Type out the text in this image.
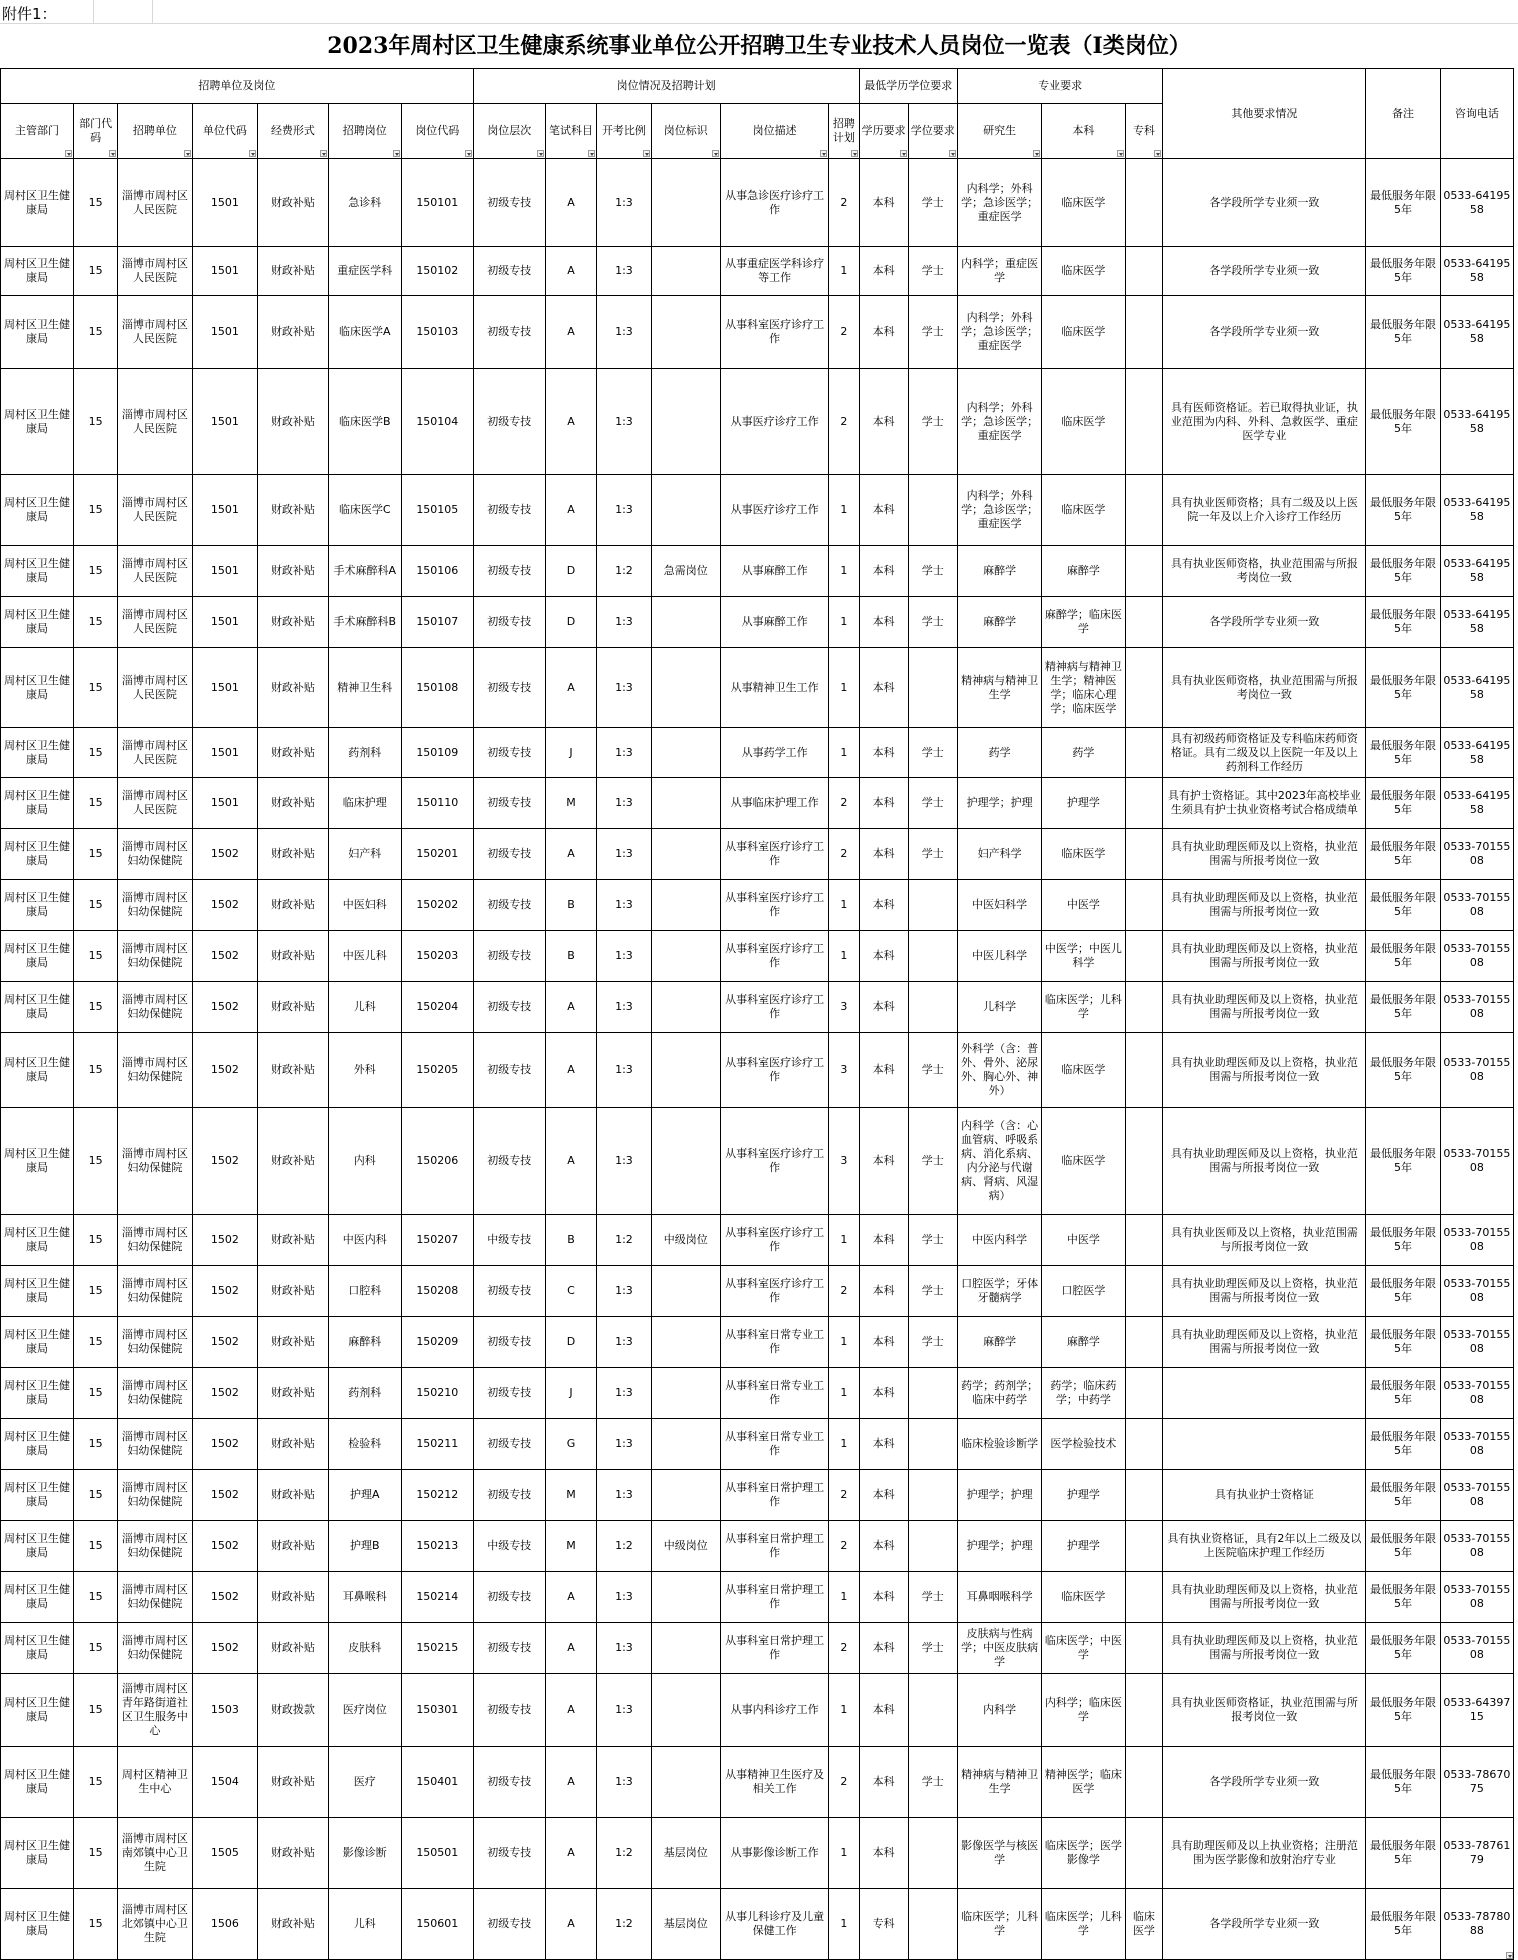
附件1：
2023年周村区卫生健康系统事业单位公开招聘卫生专业技术人员岗位一览表（Ⅰ类岗位）
招聘单位及岗位							岗位情况及招聘计划						最低学历学位要求		专业要求			其他要求情况	备注	咨询电话

主管部门	部门代码	招聘单位	单位代码	经费形式	招聘岗位	岗位代码	岗位层次	笔试科目	开考比例	岗位标识	岗位描述	招聘计划	学历要求	学位要求	研究生	本科	专科			

周村区卫生健康局	15	淄博市周村区人民医院	1501	财政补贴	急诊科	150101	初级专技	A	1:3		从事急诊医疗诊疗工作	2	本科	学士	内科学；外科学；急诊医学；重症医学	临床医学		各学段所学专业须一致	最低服务年限5年	0533-6419558
周村区卫生健康局	15	淄博市周村区人民医院	1501	财政补贴	重症医学科	150102	初级专技	A	1:3		从事重症医学科诊疗等工作	1	本科	学士	内科学；重症医学	临床医学		各学段所学专业须一致	最低服务年限5年	0533-6419558
周村区卫生健康局	15	淄博市周村区人民医院	1501	财政补贴	临床医学A	150103	初级专技	A	1:3		从事科室医疗诊疗工作	2	本科	学士	内科学；外科学；急诊医学；重症医学	临床医学		各学段所学专业须一致	最低服务年限5年	0533-6419558
周村区卫生健康局	15	淄博市周村区人民医院	1501	财政补贴	临床医学B	150104	初级专技	A	1:3		从事医疗诊疗工作	2	本科	学士	内科学；外科学；急诊医学；重症医学	临床医学		具有医师资格证。若已取得执业证，执业范围为内科、外科、急救医学、重症医学专业	最低服务年限5年	0533-6419558
周村区卫生健康局	15	淄博市周村区人民医院	1501	财政补贴	临床医学C	150105	初级专技	A	1:3		从事医疗诊疗工作	1	本科		内科学；外科学；急诊医学；重症医学	临床医学		具有执业医师资格；具有二级及以上医院一年及以上介入诊疗工作经历	最低服务年限5年	0533-6419558
周村区卫生健康局	15	淄博市周村区人民医院	1501	财政补贴	手术麻醉科A	150106	初级专技	D	1:2	急需岗位	从事麻醉工作	1	本科	学士	麻醉学	麻醉学		具有执业医师资格，执业范围需与所报考岗位一致	最低服务年限5年	0533-6419558
周村区卫生健康局	15	淄博市周村区人民医院	1501	财政补贴	手术麻醉科B	150107	初级专技	D	1:3		从事麻醉工作	1	本科	学士	麻醉学	麻醉学；临床医学		各学段所学专业须一致	最低服务年限5年	0533-6419558
周村区卫生健康局	15	淄博市周村区人民医院	1501	财政补贴	精神卫生科	150108	初级专技	A	1:3		从事精神卫生工作	1	本科		精神病与精神卫生学	精神病与精神卫生学；精神医学；临床心理学；临床医学		具有执业医师资格，执业范围需与所报考岗位一致	最低服务年限5年	0533-6419558
周村区卫生健康局	15	淄博市周村区人民医院	1501	财政补贴	药剂科	150109	初级专技	J	1:3		从事药学工作	1	本科	学士	药学	药学		具有初级药师资格证及专科临床药师资格证。具有二级及以上医院一年及以上药剂科工作经历	最低服务年限5年	0533-6419558
周村区卫生健康局	15	淄博市周村区人民医院	1501	财政补贴	临床护理	150110	初级专技	M	1:3		从事临床护理工作	2	本科	学士	护理学；护理	护理学		具有护士资格证。其中2023年高校毕业生须具有护士执业资格考试合格成绩单	最低服务年限5年	0533-6419558
周村区卫生健康局	15	淄博市周村区妇幼保健院	1502	财政补贴	妇产科	150201	初级专技	A	1:3		从事科室医疗诊疗工作	2	本科	学士	妇产科学	临床医学		具有执业助理医师及以上资格，执业范围需与所报考岗位一致	最低服务年限5年	0533-7015508
周村区卫生健康局	15	淄博市周村区妇幼保健院	1502	财政补贴	中医妇科	150202	初级专技	B	1:3		从事科室医疗诊疗工作	1	本科		中医妇科学	中医学		具有执业助理医师及以上资格，执业范围需与所报考岗位一致	最低服务年限5年	0533-7015508
周村区卫生健康局	15	淄博市周村区妇幼保健院	1502	财政补贴	中医儿科	150203	初级专技	B	1:3		从事科室医疗诊疗工作	1	本科		中医儿科学	中医学；中医儿科学		具有执业助理医师及以上资格，执业范围需与所报考岗位一致	最低服务年限5年	0533-7015508
周村区卫生健康局	15	淄博市周村区妇幼保健院	1502	财政补贴	儿科	150204	初级专技	A	1:3		从事科室医疗诊疗工作	3	本科		儿科学	临床医学；儿科学		具有执业助理医师及以上资格，执业范围需与所报考岗位一致	最低服务年限5年	0533-7015508
周村区卫生健康局	15	淄博市周村区妇幼保健院	1502	财政补贴	外科	150205	初级专技	A	1:3		从事科室医疗诊疗工作	3	本科	学士	外科学（含：普外、骨外、泌尿外、胸心外、神外）	临床医学		具有执业助理医师及以上资格，执业范围需与所报考岗位一致	最低服务年限5年	0533-7015508
周村区卫生健康局	15	淄博市周村区妇幼保健院	1502	财政补贴	内科	150206	初级专技	A	1:3		从事科室医疗诊疗工作	3	本科	学士	内科学（含：心血管病、呼吸系病、消化系病、内分泌与代谢病、肾病、风湿病）	临床医学		具有执业助理医师及以上资格，执业范围需与所报考岗位一致	最低服务年限5年	0533-7015508
周村区卫生健康局	15	淄博市周村区妇幼保健院	1502	财政补贴	中医内科	150207	中级专技	B	1:2	中级岗位	从事科室医疗诊疗工作	1	本科	学士	中医内科学	中医学		具有执业医师及以上资格，执业范围需与所报考岗位一致	最低服务年限5年	0533-7015508
周村区卫生健康局	15	淄博市周村区妇幼保健院	1502	财政补贴	口腔科	150208	初级专技	C	1:3		从事科室医疗诊疗工作	2	本科	学士	口腔医学；牙体牙髓病学	口腔医学		具有执业助理医师及以上资格，执业范围需与所报考岗位一致	最低服务年限5年	0533-7015508
周村区卫生健康局	15	淄博市周村区妇幼保健院	1502	财政补贴	麻醉科	150209	初级专技	D	1:3		从事科室日常专业工作	1	本科	学士	麻醉学	麻醉学		具有执业助理医师及以上资格，执业范围需与所报考岗位一致	最低服务年限5年	0533-7015508
周村区卫生健康局	15	淄博市周村区妇幼保健院	1502	财政补贴	药剂科	150210	初级专技	J	1:3		从事科室日常专业工作	1	本科		药学；药剂学；临床中药学	药学；临床药学；中药学			最低服务年限5年	0533-7015508
周村区卫生健康局	15	淄博市周村区妇幼保健院	1502	财政补贴	检验科	150211	初级专技	G	1:3		从事科室日常专业工作	1	本科		临床检验诊断学	医学检验技术			最低服务年限5年	0533-7015508
周村区卫生健康局	15	淄博市周村区妇幼保健院	1502	财政补贴	护理A	150212	初级专技	M	1:3		从事科室日常护理工作	2	本科		护理学；护理	护理学		具有执业护士资格证	最低服务年限5年	0533-7015508
周村区卫生健康局	15	淄博市周村区妇幼保健院	1502	财政补贴	护理B	150213	中级专技	M	1:2	中级岗位	从事科室日常护理工作	2	本科		护理学；护理	护理学		具有执业资格证，具有2年以上二级及以上医院临床护理工作经历	最低服务年限5年	0533-7015508
周村区卫生健康局	15	淄博市周村区妇幼保健院	1502	财政补贴	耳鼻喉科	150214	初级专技	A	1:3		从事科室日常护理工作	1	本科	学士	耳鼻咽喉科学	临床医学		具有执业助理医师及以上资格，执业范围需与所报考岗位一致	最低服务年限5年	0533-7015508
周村区卫生健康局	15	淄博市周村区妇幼保健院	1502	财政补贴	皮肤科	150215	初级专技	A	1:3		从事科室日常护理工作	2	本科	学士	皮肤病与性病学；中医皮肤病学	临床医学；中医学		具有执业助理医师及以上资格，执业范围需与所报考岗位一致	最低服务年限5年	0533-7015508
周村区卫生健康局	15	淄博市周村区青年路街道社区卫生服务中心	1503	财政拨款	医疗岗位	150301	初级专技	A	1:3		从事内科诊疗工作	1	本科		内科学	内科学；临床医学		具有执业医师资格证，执业范围需与所报考岗位一致	最低服务年限5年	0533-6439715
周村区卫生健康局	15	周村区精神卫生中心	1504	财政补贴	医疗	150401	初级专技	A	1:3		从事精神卫生医疗及相关工作	2	本科	学士	精神病与精神卫生学	精神医学；临床医学		各学段所学专业须一致	最低服务年限5年	0533-7867075
周村区卫生健康局	15	淄博市周村区南郊镇中心卫生院	1505	财政补贴	影像诊断	150501	初级专技	A	1:2	基层岗位	从事影像诊断工作	1	本科		影像医学与核医学	临床医学；医学影像学		具有助理医师及以上执业资格；注册范围为医学影像和放射治疗专业	最低服务年限5年	0533-7876179
周村区卫生健康局	15	淄博市周村区北郊镇中心卫生院	1506	财政补贴	儿科	150601	初级专技	A	1:2	基层岗位	从事儿科诊疗及儿童保健工作	1	专科		临床医学；儿科学	临床医学；儿科学	临床医学	各学段所学专业须一致	最低服务年限5年	0533-7878088
